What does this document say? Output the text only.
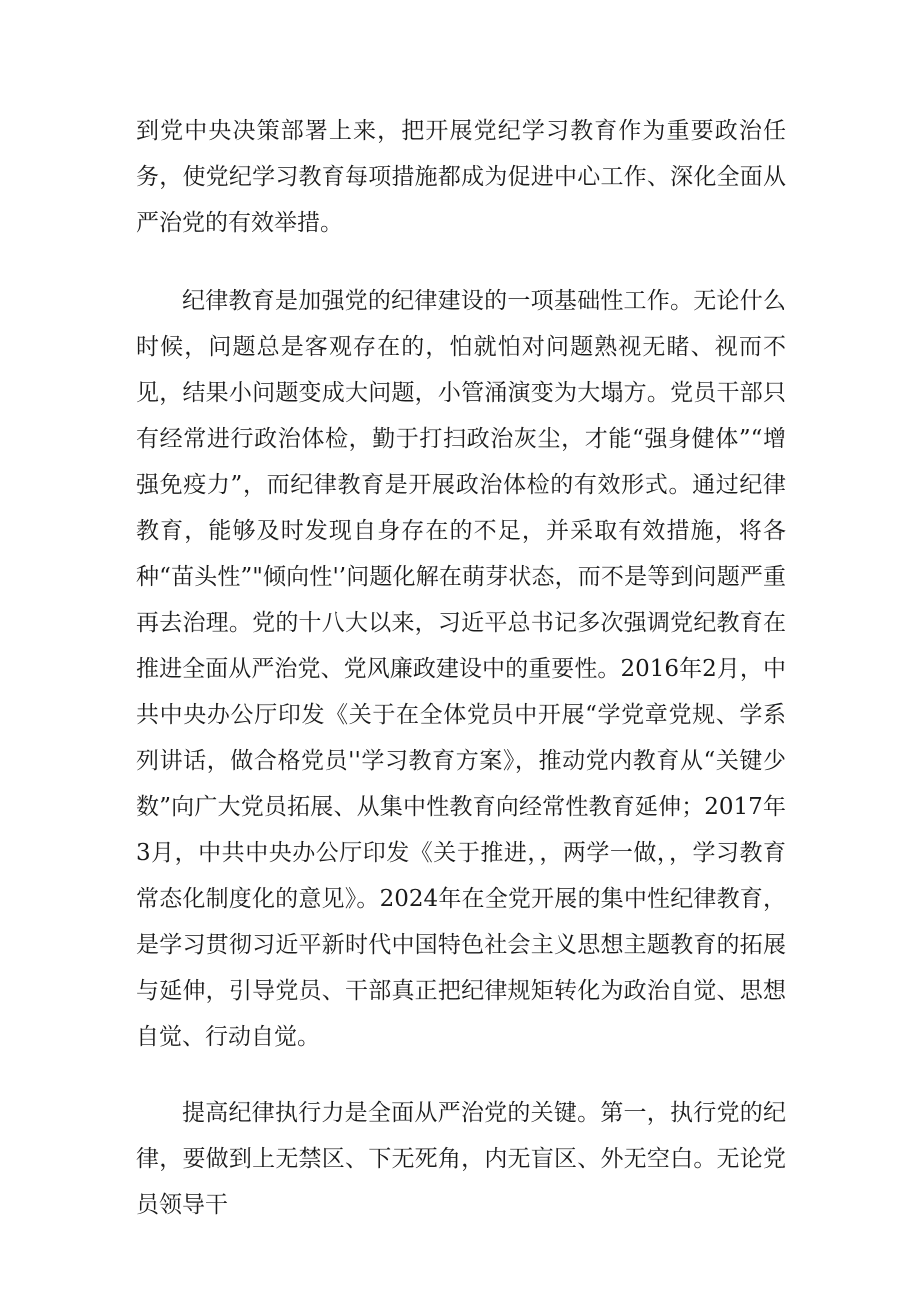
到党中央决策部署上来，把开展党纪学习教育作为重要政治任务，使党纪学习教育每项措施都成为促进中心工作、深化全面从严治党的有效举措。

纪律教育是加强党的纪律建设的一项基础性工作。无论什么时候，问题总是客观存在的，怕就怕对问题熟视无睹、视而不见，结果小问题变成大问题，小管涌演变为大塌方。党员干部只有经常进行政治体检，勤于打扫政治灰尘，才能“强身健体”“增强免疫力”，而纪律教育是开展政治体检的有效形式。通过纪律教育，能够及时发现自身存在的不足，并采取有效措施，将各种“苗头性”"倾向性'’问题化解在萌芽状态，而不是等到问题严重再去治理。党的十八大以来，习近平总书记多次强调党纪教育在推进全面从严治党、党风廉政建设中的重要性。2016年2月，中共中央办公厅印发《关于在全体党员中开展“学党章党规、学系列讲话，做合格党员''学习教育方案》，推动党内教育从“关键少数”向广大党员拓展、从集中性教育向经常性教育延伸；2017年3月，中共中央办公厅印发《关于推进，，两学一做，，学习教育常态化制度化的意见》。2024年在全党开展的集中性纪律教育，是学习贯彻习近平新时代中国特色社会主义思想主题教育的拓展与延伸，引导党员、干部真正把纪律规矩转化为政治自觉、思想自觉、行动自觉。

提高纪律执行力是全面从严治党的关键。第一，执行党的纪律，要做到上无禁区、下无死角，内无盲区、外无空白。无论党员领导干
